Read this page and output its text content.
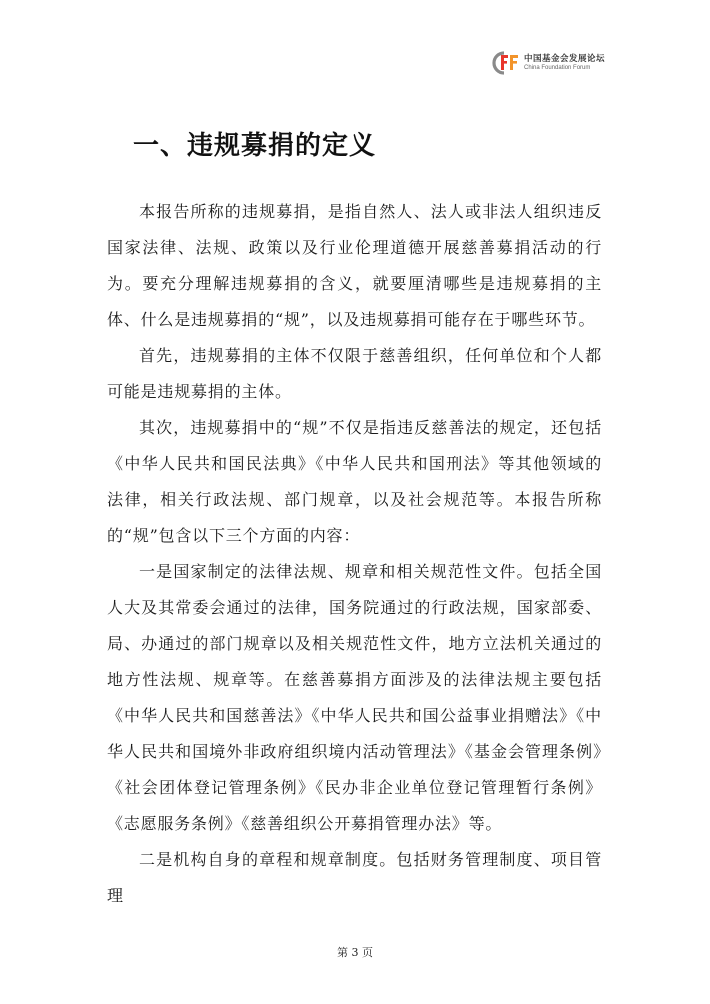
中国基金会发展论坛
China Foundation Forum
一、违规募捐的定义

本报告所称的违规募捐，是指自然人、法人或非法人组织违反国家法律、法规、政策以及行业伦理道德开展慈善募捐活动的行为。要充分理解违规募捐的含义，就要厘清哪些是违规募捐的主体、什么是违规募捐的“规”，以及违规募捐可能存在于哪些环节。

首先，违规募捐的主体不仅限于慈善组织，任何单位和个人都可能是违规募捐的主体。

其次，违规募捐中的“规”不仅是指违反慈善法的规定，还包括《中华人民共和国民法典》《中华人民共和国刑法》等其他领域的法律，相关行政法规、部门规章，以及社会规范等。本报告所称的“规”包含以下三个方面的内容：

一是国家制定的法律法规、规章和相关规范性文件。包括全国人大及其常委会通过的法律，国务院通过的行政法规，国家部委、局、办通过的部门规章以及相关规范性文件，地方立法机关通过的地方性法规、规章等。在慈善募捐方面涉及的法律法规主要包括《中华人民共和国慈善法》《中华人民共和国公益事业捐赠法》《中华人民共和国境外非政府组织境内活动管理法》《基金会管理条例》《社会团体登记管理条例》《民办非企业单位登记管理暂行条例》《志愿服务条例》《慈善组织公开募捐管理办法》等。

二是机构自身的章程和规章制度。包括财务管理制度、项目管理

第 3 页
